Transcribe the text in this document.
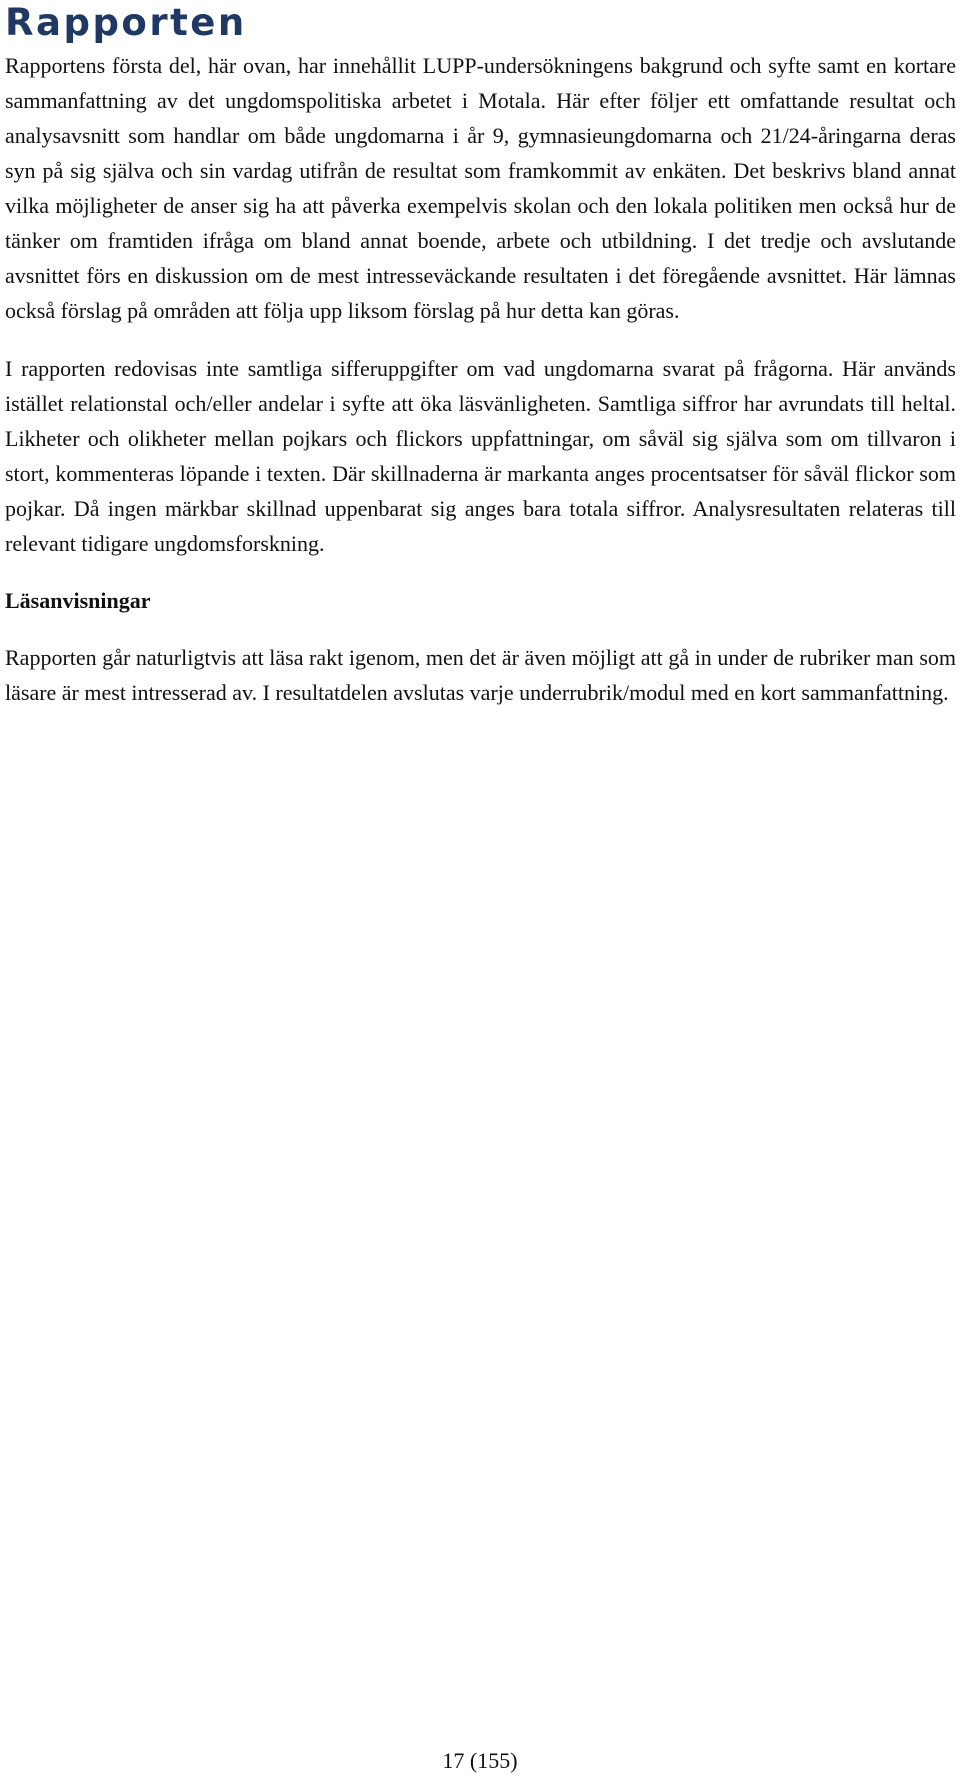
Rapporten

Rapportens första del, här ovan, har innehållit LUPP-undersökningens bakgrund och syfte samt en kortare sammanfattning av det ungdomspolitiska arbetet i Motala. Här efter följer ett omfattande resultat och analysavsnitt som handlar om både ungdomarna i år 9, gymnasieungdomarna och 21/24-åringarna deras syn på sig själva och sin vardag utifrån de resultat som framkommit av enkäten. Det beskrivs bland annat vilka möjligheter de anser sig ha att påverka exempelvis skolan och den lokala politiken men också hur de tänker om framtiden ifråga om bland annat boende, arbete och utbildning. I det tredje och avslutande avsnittet förs en diskussion om de mest intresseväckande resultaten i det föregående avsnittet. Här lämnas också förslag på områden att följa upp liksom förslag på hur detta kan göras.

I rapporten redovisas inte samtliga sifferuppgifter om vad ungdomarna svarat på frågorna. Här används istället relationstal och/eller andelar i syfte att öka läsvänligheten. Samtliga siffror har avrundats till heltal. Likheter och olikheter mellan pojkars och flickors uppfattningar, om såväl sig själva som om tillvaron i stort, kommenteras löpande i texten. Där skillnaderna är markanta anges procentsatser för såväl flickor som pojkar. Då ingen märkbar skillnad uppenbarat sig anges bara totala siffror. Analysresultaten relateras till relevant tidigare ungdomsforskning.

Läsanvisningar

Rapporten går naturligtvis att läsa rakt igenom, men det är även möjligt att gå in under de rubriker man som läsare är mest intresserad av. I resultatdelen avslutas varje underrubrik/modul med en kort sammanfattning.

17 (155)
